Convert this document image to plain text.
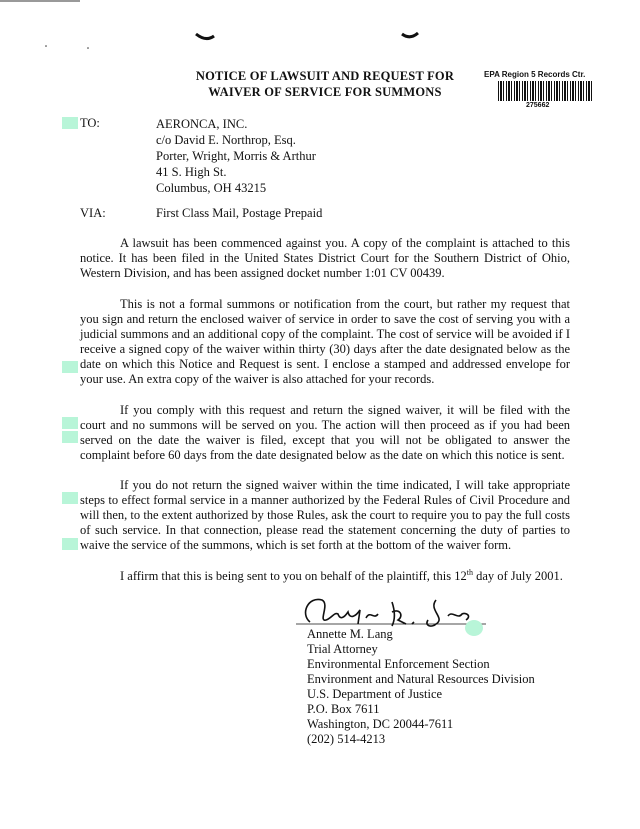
NOTICE OF LAWSUIT AND REQUEST FOR
WAIVER OF SERVICE FOR SUMMONS
EPA Region 5 Records Ctr.
275662
TO:	AERONCA, INC.
c/o David E. Northrop, Esq.
Porter, Wright, Morris & Arthur
41 S. High St.
Columbus, OH 43215
VIA:	First Class Mail, Postage Prepaid

A lawsuit has been commenced against you. A copy of the complaint is attached to this notice. It has been filed in the United States District Court for the Southern District of Ohio, Western Division, and has been assigned docket number 1:01 CV 00439.

This is not a formal summons or notification from the court, but rather my request that you sign and return the enclosed waiver of service in order to save the cost of serving you with a judicial summons and an additional copy of the complaint. The cost of service will be avoided if I receive a signed copy of the waiver within thirty (30) days after the date designated below as the date on which this Notice and Request is sent. I enclose a stamped and addressed envelope for your use. An extra copy of the waiver is also attached for your records.

If you comply with this request and return the signed waiver, it will be filed with the court and no summons will be served on you. The action will then proceed as if you had been served on the date the waiver is filed, except that you will not be obligated to answer the complaint before 60 days from the date designated below as the date on which this notice is sent.

If you do not return the signed waiver within the time indicated, I will take appropriate steps to effect formal service in a manner authorized by the Federal Rules of Civil Procedure and will then, to the extent authorized by those Rules, ask the court to require you to pay the full costs of such service. In that connection, please read the statement concerning the duty of parties to waive the service of the summons, which is set forth at the bottom of the waiver form.

I affirm that this is being sent to you on behalf of the plaintiff, this 12th day of July 2001.
Annette M. Lang
Trial Attorney
Environmental Enforcement Section
Environment and Natural Resources Division
U.S. Department of Justice
P.O. Box 7611
Washington, DC 20044-7611
(202) 514-4213
